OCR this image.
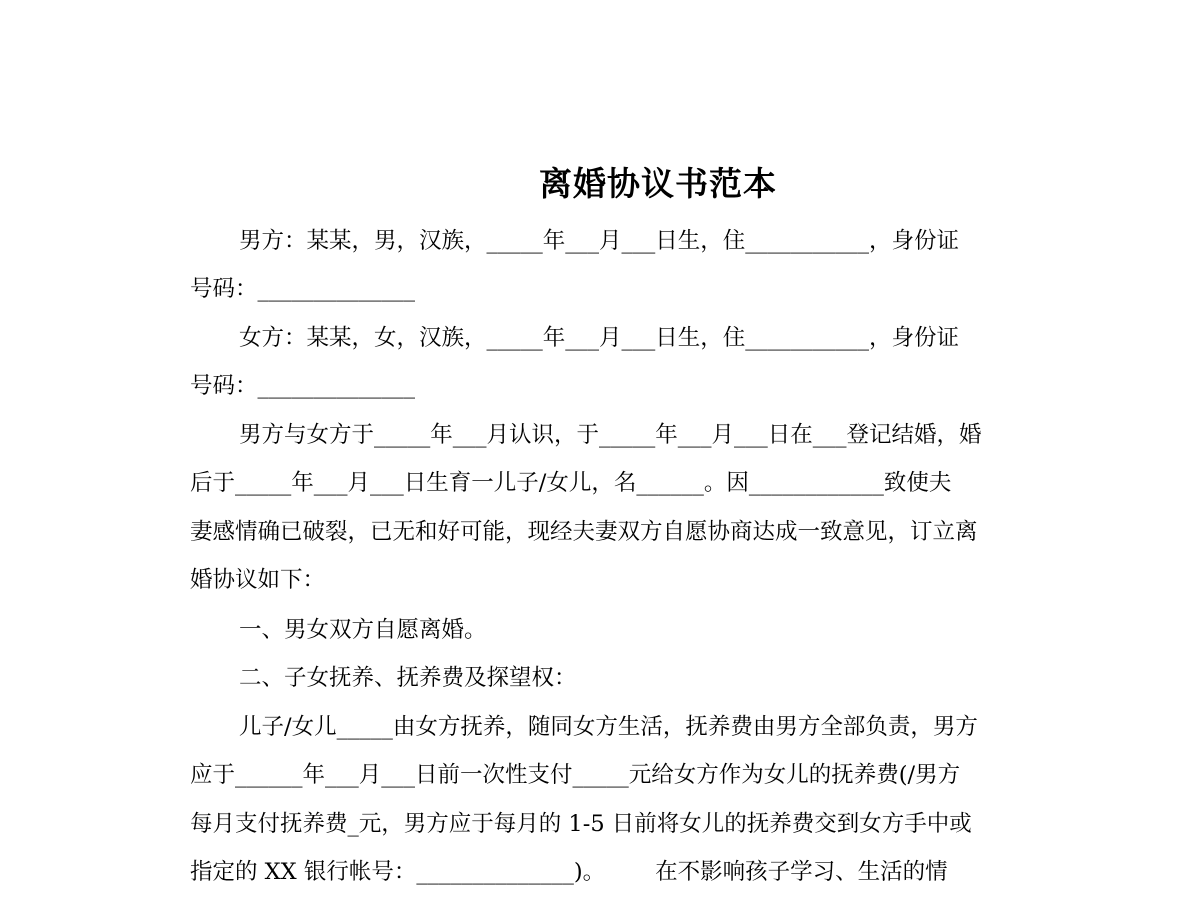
离婚协议书范本
男方：某某，男，汉族，_____年___月___日生，住___________，身份证
号码：______________
女方：某某，女，汉族，_____年___月___日生，住___________，身份证
号码：______________
男方与女方于_____年___月认识，于_____年___月___日在___登记结婚，婚
后于_____年___月___日生育一儿子/女儿，名______。因____________致使夫
妻感情确已破裂，已无和好可能，现经夫妻双方自愿协商达成一致意见，订立离
婚协议如下：
一、男女双方自愿离婚。
二、子女抚养、抚养费及探望权：
儿子/女儿_____由女方抚养，随同女方生活，抚养费由男方全部负责，男方
应于______年___月___日前一次性支付_____元给女方作为女儿的抚养费(/男方
每月支付抚养费_元，男方应于每月的 1-5 日前将女儿的抚养费交到女方手中或
指定的 XX 银行帐号：______________)。       在不影响孩子学习、生活的情
